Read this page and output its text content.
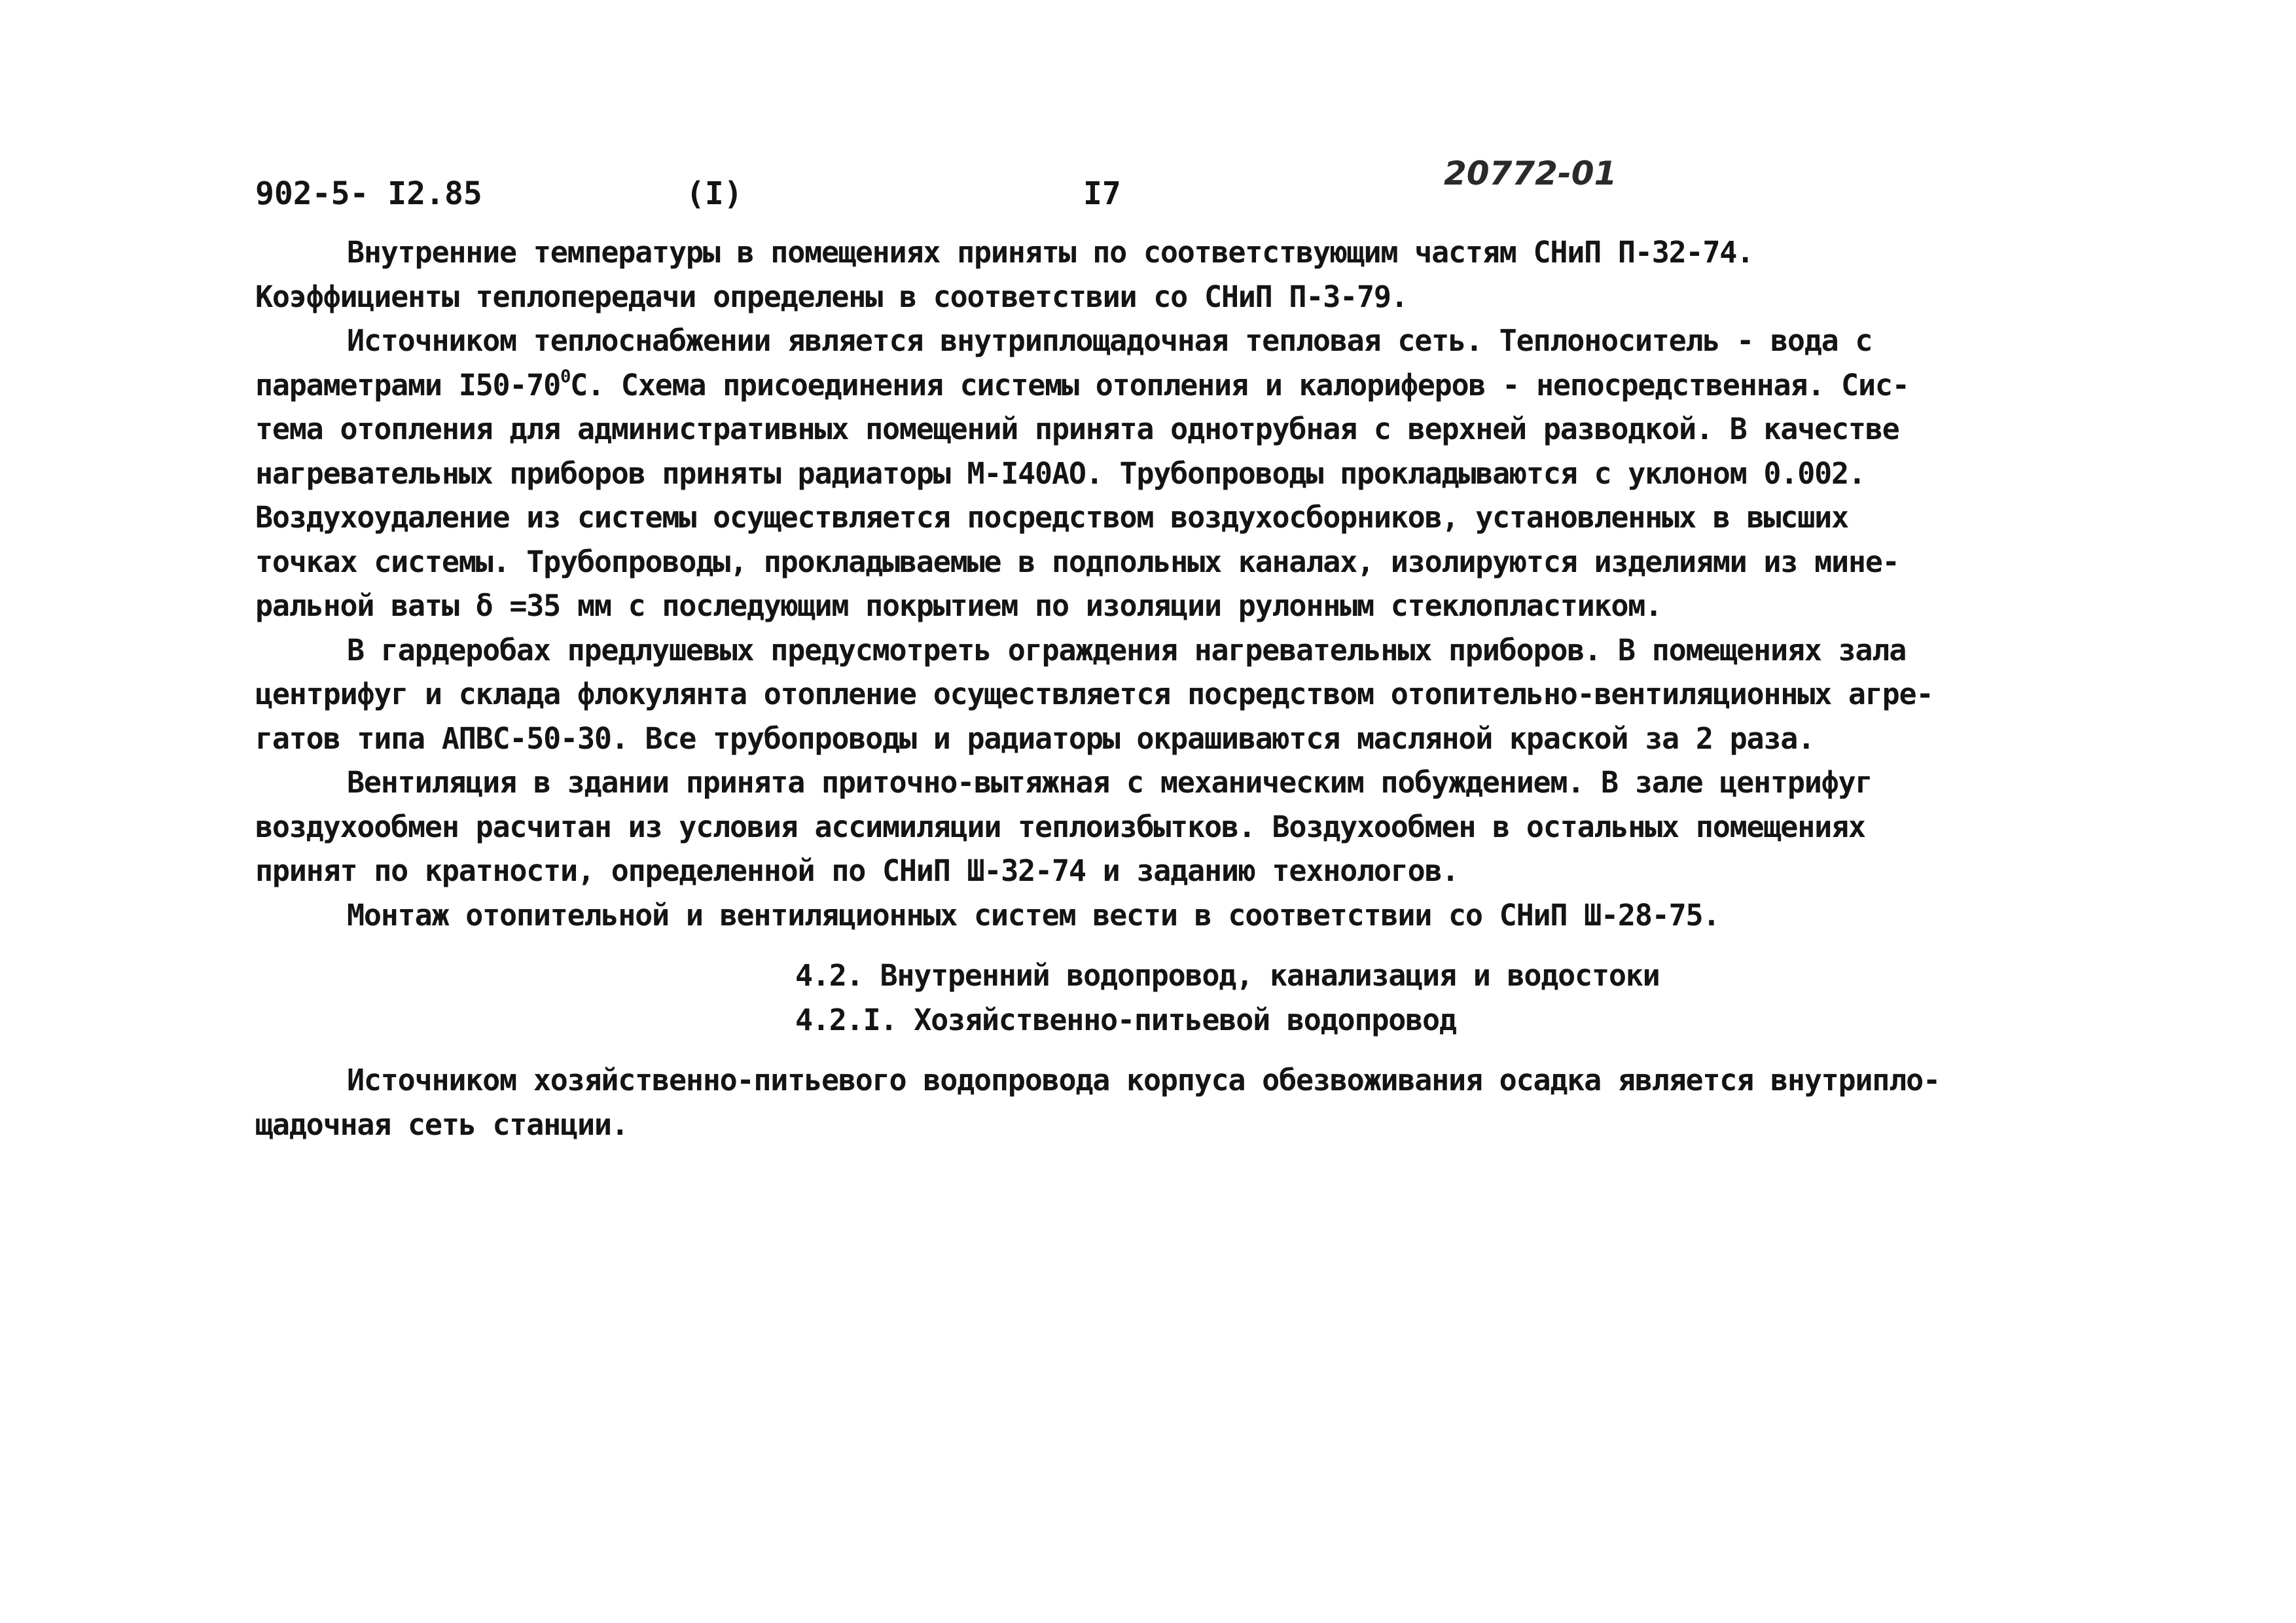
902-5- I2.85	(I)	I7
20772-01
Внутренние температуры в помещениях приняты по соответствующим частям СНиП П-32-74.
Коэффициенты теплопередачи определены в соответствии со СНиП П-3-79.
Источником теплоснабжении является внутриплощадочная тепловая сеть. Теплоноситель - вода с
параметрами $I50-70^0С$. Схема присоединения системы отопления и калориферов - непосредственная. Сис-
тема отопления для административных помещений принята однотрубная с верхней разводкой. В качестве
нагревательных приборов приняты радиаторы М-I40АО. Трубопроводы прокладываются с уклоном 0.002.
Воздухоудаление из системы осуществляется посредством воздухосборников, установленных в высших
точках системы. Трубопроводы, прокладываемые в подпольных каналах, изолируются изделиями из мине-
ральной ваты δ =35 мм с последующим покрытием по изоляции рулонным стеклопластиком.
В гардеробах предлушевых предусмотреть ограждения нагревательных приборов. В помещениях зала
центрифуг и склада флокулянта отопление осуществляется посредством отопительно-вентиляционных агре-
гатов типа АПВС-50-30. Все трубопроводы и радиаторы окрашиваются масляной краской за 2 раза.
Вентиляция в здании принята приточно-вытяжная с механическим побуждением. В зале центрифуг
воздухообмен расчитан из условия ассимиляции теплоизбытков. Воздухообмен в остальных помещениях
принят по кратности, определенной по СНиП Ш-32-74 и заданию технологов.
Монтаж отопительной и вентиляционных систем вести в соответствии со СНиП Ш-28-75.
4.2. Внутренний водопровод, канализация и водостоки
4.2.I. Хозяйственно-питьевой водопровод
Источником хозяйственно-питьевого водопровода корпуса обезвоживания осадка является внутрипло-
щадочная сеть станции.
